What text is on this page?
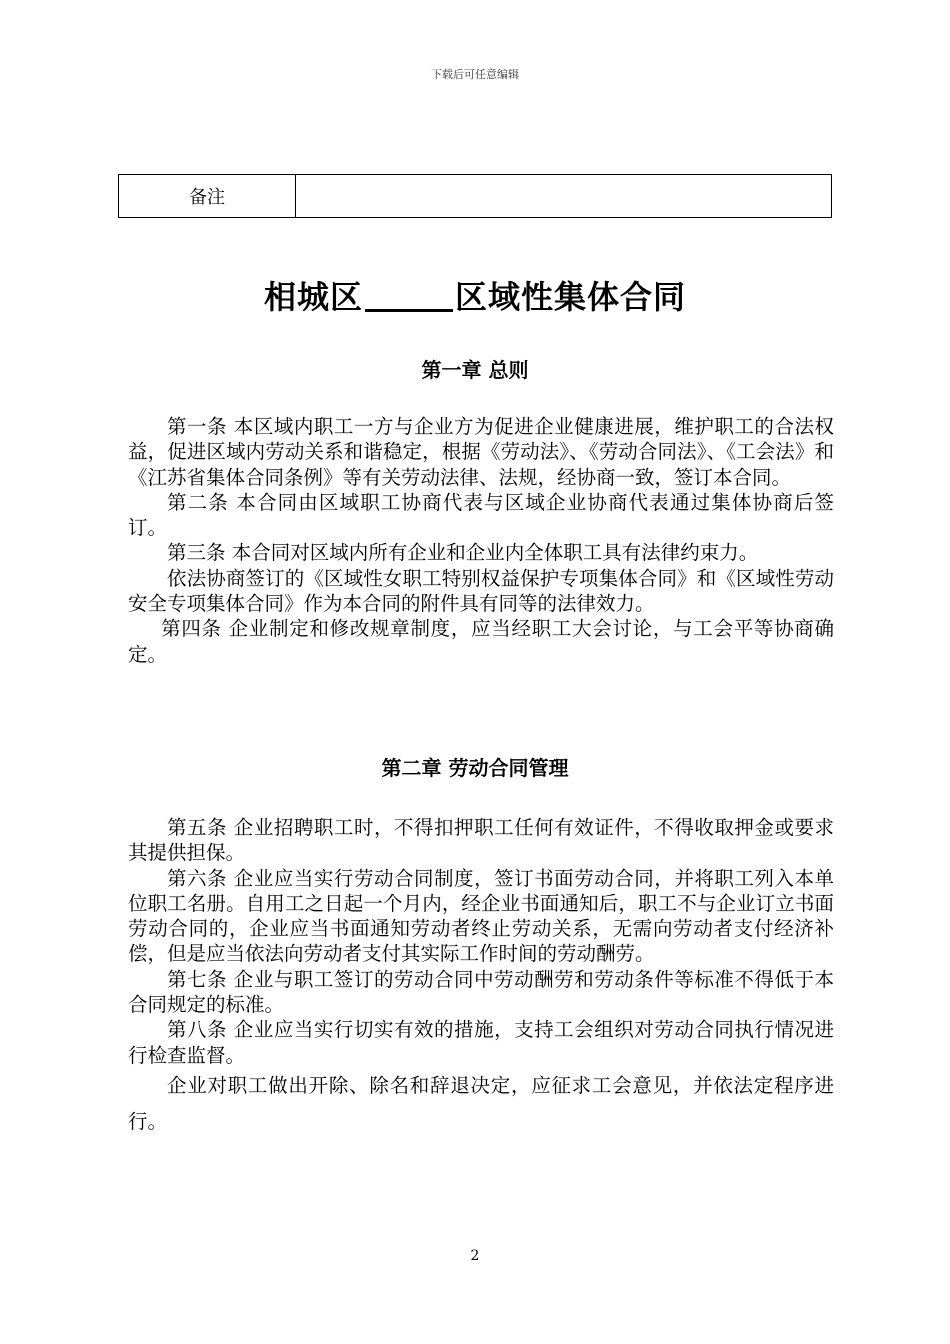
下载后可任意编辑
备注	
相城区	区域性集体合同
第一章 总则

第一条 本区域内职工一方与企业方为促进企业健康进展，维护职工的合法权益，促进区域内劳动关系和谐稳定，根据《劳动法》、《劳动合同法》、《工会法》和《江苏省集体合同条例》等有关劳动法律、法规，经协商一致，签订本合同。

第二条 本合同由区域职工协商代表与区域企业协商代表通过集体协商后签订。

第三条 本合同对区域内所有企业和企业内全体职工具有法律约束力。

依法协商签订的《区域性女职工特别权益保护专项集体合同》和《区域性劳动安全专项集体合同》作为本合同的附件具有同等的法律效力。

第四条 企业制定和修改规章制度，应当经职工大会讨论，与工会平等协商确定。

第二章 劳动合同管理

第五条 企业招聘职工时，不得扣押职工任何有效证件，不得收取押金或要求其提供担保。

第六条 企业应当实行劳动合同制度，签订书面劳动合同，并将职工列入本单位职工名册。自用工之日起一个月内，经企业书面通知后，职工不与企业订立书面劳动合同的，企业应当书面通知劳动者终止劳动关系，无需向劳动者支付经济补偿，但是应当依法向劳动者支付其实际工作时间的劳动酬劳。

第七条 企业与职工签订的劳动合同中劳动酬劳和劳动条件等标准不得低于本合同规定的标准。

第八条 企业应当实行切实有效的措施，支持工会组织对劳动合同执行情况进行检查监督。

企业对职工做出开除、除名和辞退决定，应征求工会意见，并依法定程序进行。

2
